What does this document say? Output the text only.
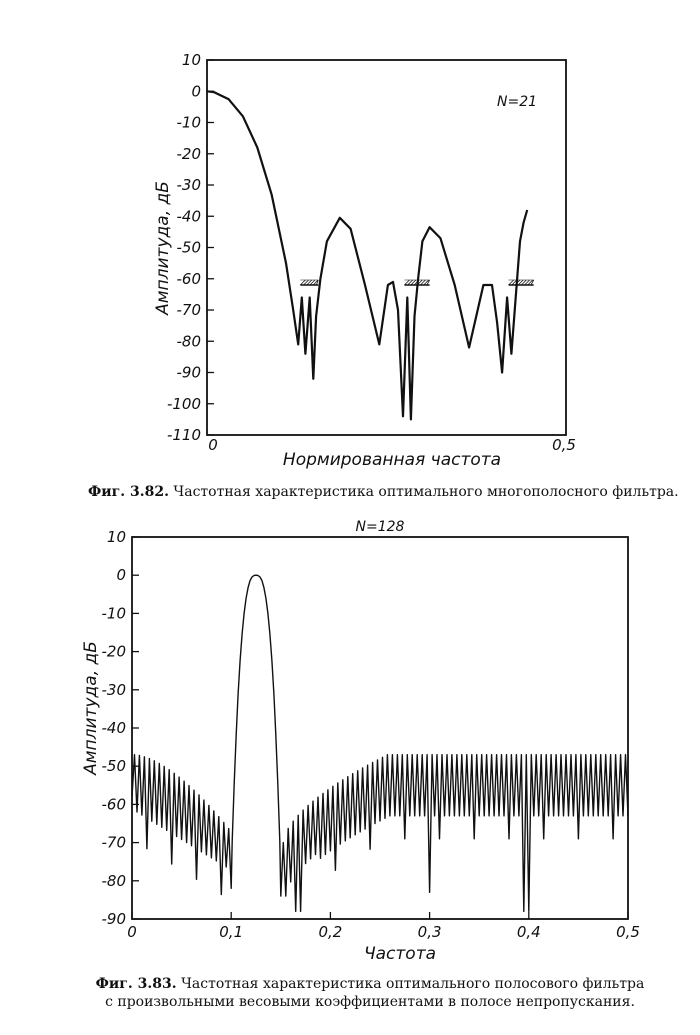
10
0
-10
-20
-30
-40
-50
-60
-70
-80
-90
-100
-110
0	0,5
N=21
Нормированная частота
Амплитуда, дБ
10
0
-10
-20
-30
-40
-50
-60
-70
-80
-90
0	0,1	0,2	0,3	0,4	0,5
N=128
Частота
Амплитуда, дБ
Фиг. 3.82. Частотная характеристика оптимального многополосного фильтра.
Фиг. 3.83. Частотная характеристика оптимального полосового фильтра
с произвольными весовыми коэффициентами в полосе непропускания.
